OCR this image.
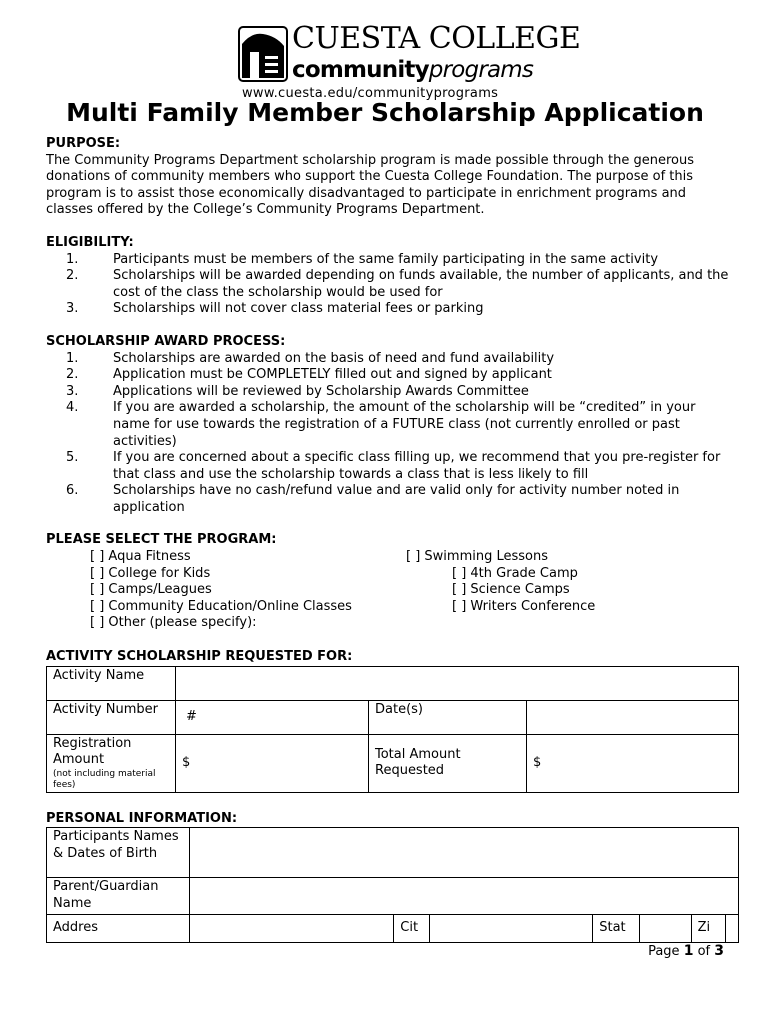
CUESTA COLLEGE
communityprograms
www.cuesta.edu/communityprograms
Multi Family Member Scholarship Application
PURPOSE:

The Community Programs Department scholarship program is made possible through the generous donations of community members who support the Cuesta College Foundation. The purpose of this program is to assist those economically disadvantaged to participate in enrichment programs and classes offered by the College’s Community Programs Department.

ELIGIBILITY:
1.	Participants must be members of the same family participating in the same activity
2.	Scholarships will be awarded depending on funds available, the number of applicants, and the cost of the class the scholarship would be used for
3.	Scholarships will not cover class material fees or parking
SCHOLARSHIP AWARD PROCESS:
1.	Scholarships are awarded on the basis of need and fund availability
2.	Application must be COMPLETELY filled out and signed by applicant
3.	Applications will be reviewed by Scholarship Awards Committee
4.	If you are awarded a scholarship, the amount of the scholarship will be “credited” in your name for use towards the registration of a FUTURE class (not currently enrolled or past activities)
5.	If you are concerned about a specific class filling up, we recommend that you pre-register for that class and use the scholarship towards a class that is less likely to fill
6.	Scholarships have no cash/refund value and are valid only for activity number noted in application
PLEASE SELECT THE PROGRAM:
[ ] Aqua Fitness
[ ] College for Kids
[ ] Camps/Leagues
[ ] Community Education/Online Classes
[ ] Other (please specify):
[ ] Swimming Lessons
[ ] 4th Grade Camp
[ ] Science Camps
[ ] Writers Conference
ACTIVITY SCHOLARSHIP REQUESTED FOR:
Activity Name			
Activity Number	#	Date(s)	
Registration Amount
(not including material fees)	$	Total Amount Requested	$
PERSONAL INFORMATION:
Participants Names & Dates of Birth							
Parent/Guardian Name							
Addres		Cit		Stat		Zi	
Page 1 of 3
